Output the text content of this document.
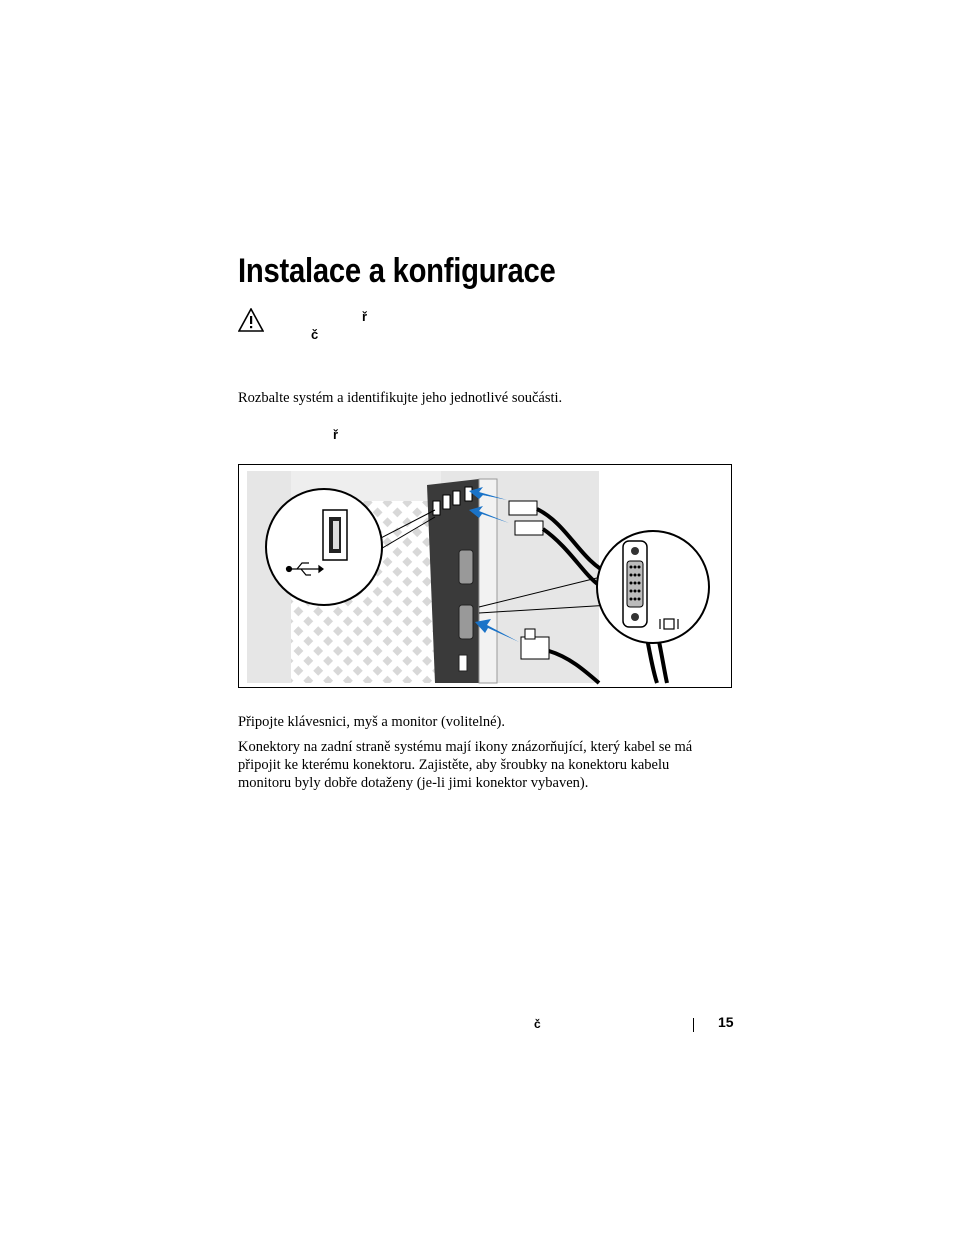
Instalace a konfigurace
ř
č
Rozbalte systém a identifikujte jeho jednotlivé součásti.
ř
Připojte klávesnici, myš a monitor (volitelné).
Konektory na zadní straně systému mají ikony znázorňující, který kabel se má
připojit ke kterému konektoru. Zajistěte, aby šroubky na konektoru kabelu
monitoru byly dobře dotaženy (je-li jimi konektor vybaven).
č	15
